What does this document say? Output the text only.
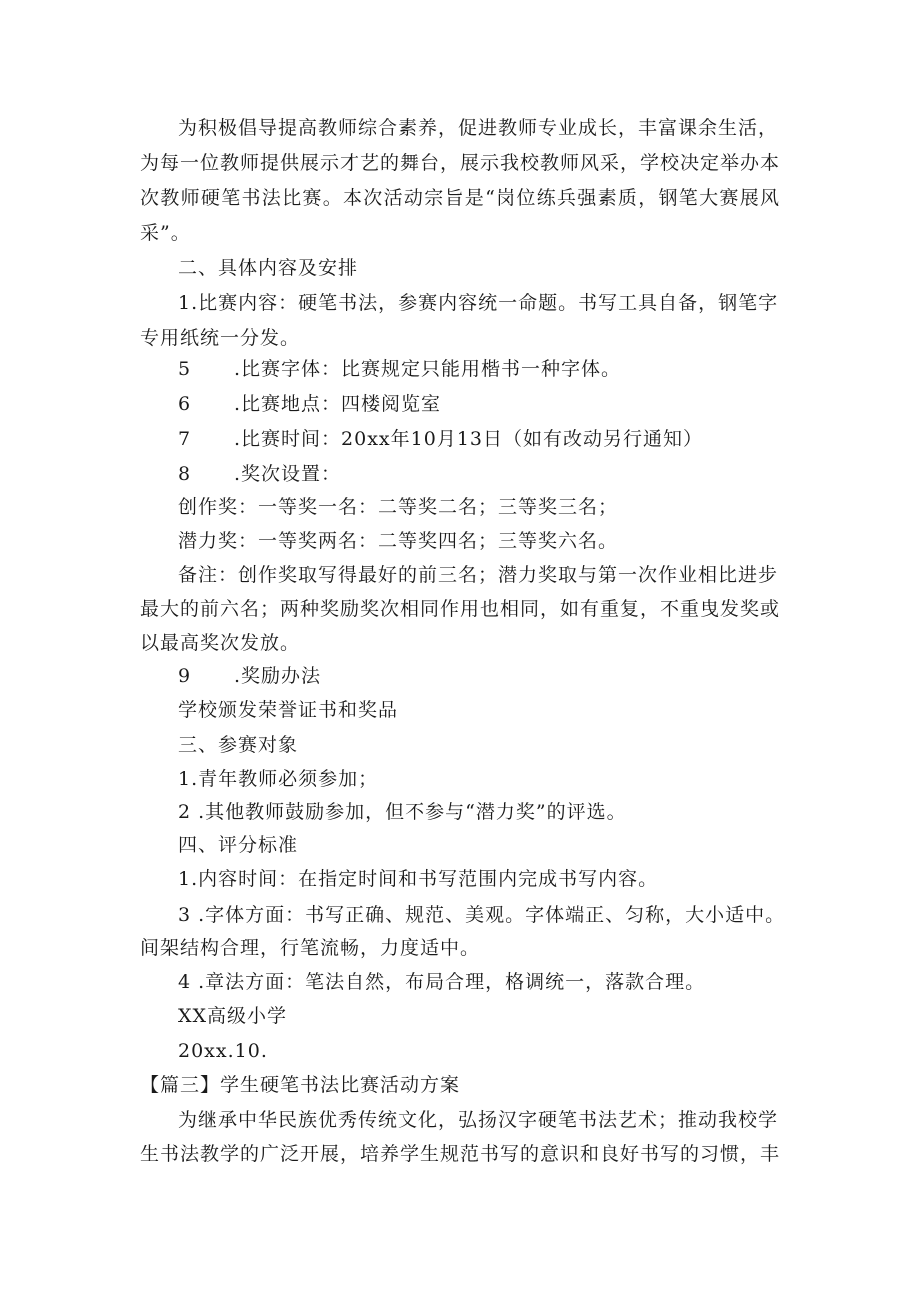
为积极倡导提高教师综合素养，促进教师专业成长，丰富课余生活，
为每一位教师提供展示才艺的舞台，展示我校教师风采，学校决定举办本
次教师硬笔书法比赛。本次活动宗旨是“岗位练兵强素质，钢笔大赛展风
采”。
二、具体内容及安排
1.比赛内容：硬笔书法，参赛内容统一命题。书写工具自备，钢笔字
专用纸统一分发。
5 .比赛字体：比赛规定只能用楷书一种字体。
6 .比赛地点：四楼阅览室
7 .比赛时间：20xx年10月13日（如有改动另行通知）
8 .奖次设置：
创作奖：一等奖一名：二等奖二名；三等奖三名；
潜力奖：一等奖两名：二等奖四名；三等奖六名。
备注：创作奖取写得最好的前三名；潜力奖取与第一次作业相比进步
最大的前六名；两种奖励奖次相同作用也相同，如有重复，不重曳发奖或
以最高奖次发放。
9 .奖励办法
学校颁发荣誉证书和奖品
三、参赛对象
1.青年教师必须参加；
2 .其他教师鼓励参加，但不参与“潜力奖”的评选。
四、评分标准
1.内容时间：在指定时间和书写范围内完成书写内容。
3 .字体方面：书写正确、规范、美观。字体端正、匀称，大小适中。
间架结构合理，行笔流畅，力度适中。
4 .章法方面：笔法自然，布局合理，格调统一，落款合理。
XX高级小学
20xx.10.
【篇三】学生硬笔书法比赛活动方案
为继承中华民族优秀传统文化，弘扬汉字硬笔书法艺术；推动我校学
生书法教学的广泛开展，培养学生规范书写的意识和良好书写的习惯，丰
